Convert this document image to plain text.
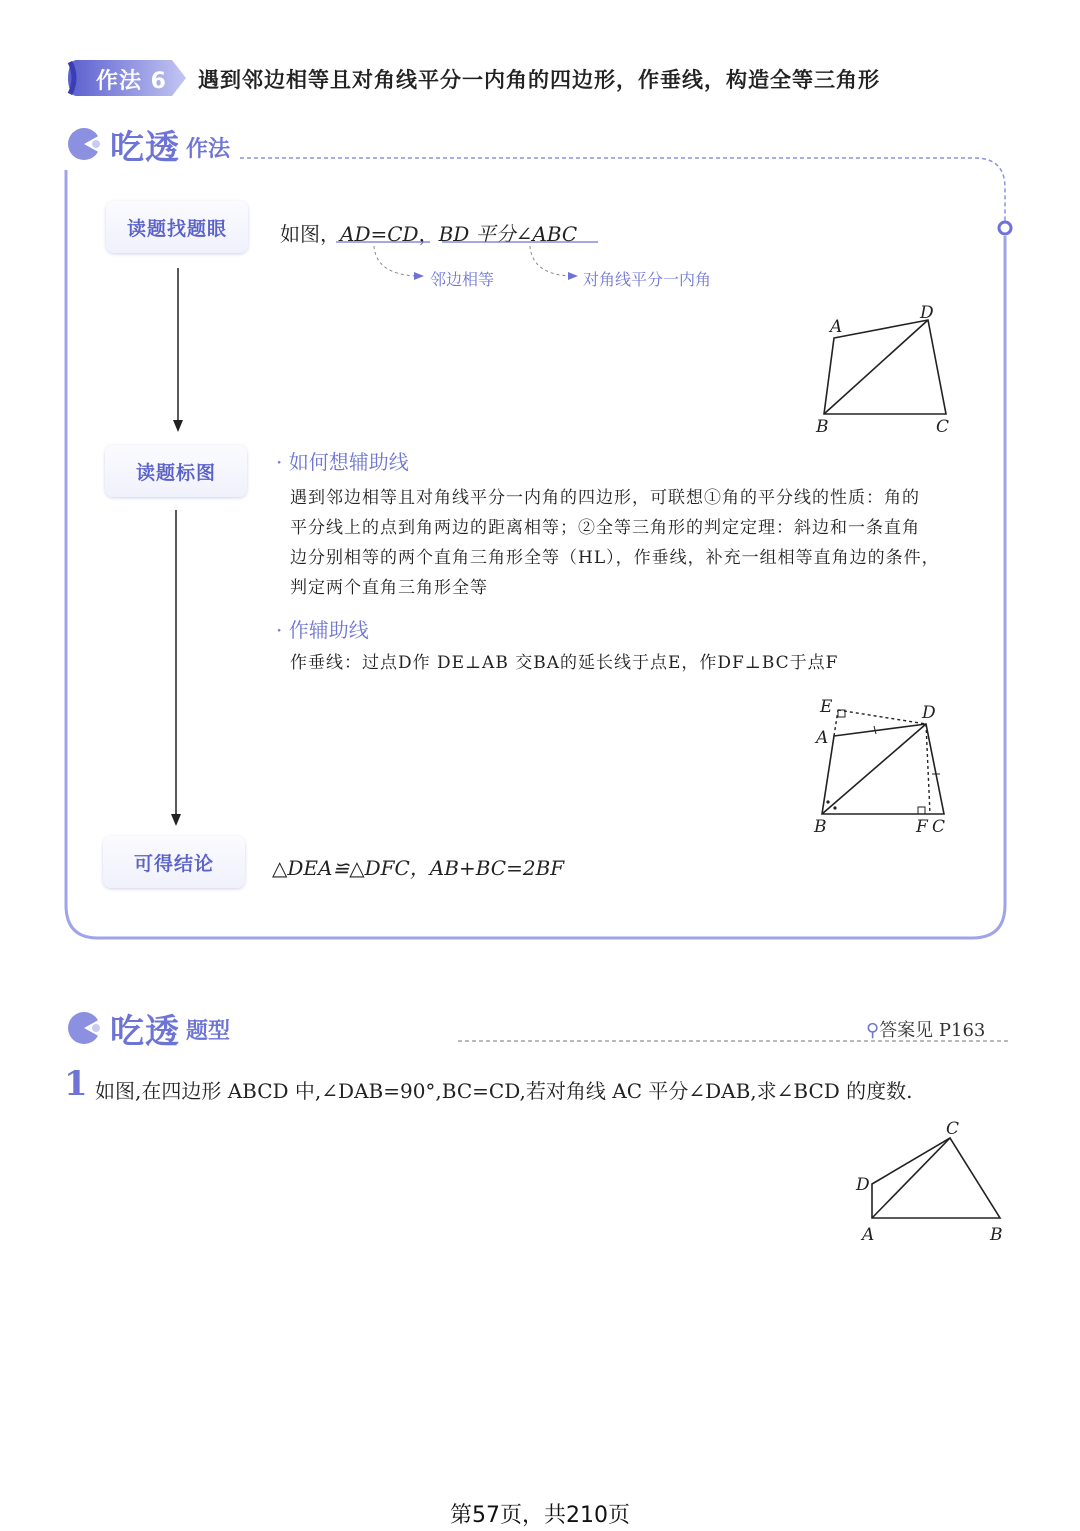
作法 6 遇到邻边相等且对角线平分一内角的四边形，作垂线，构造全等三角形
吃透 作法
读题找题眼
读题标图
可得结论
如图，AD=CD，BD 平分∠ABC
邻边相等	对角线平分一内角
A
D
B	C
· 如何想辅助线
遇到邻边相等且对角线平分一内角的四边形，可联想①角的平分线的性质：角的
平分线上的点到角两边的距离相等；②全等三角形的判定定理：斜边和一条直角
边分别相等的两个直角三角形全等（HL），作垂线，补充一组相等直角边的条件，
判定两个直角三角形全等
· 作辅助线
作垂线：过点D作 DE⊥AB 交BA的延长线于点E，作DF⊥BC于点F
E	D
A
B	F C
△DEA≌△DFC，AB+BC=2BF
吃透 题型	⚲答案见 P163
1 如图,在四边形 ABCD 中,∠DAB=90°,BC=CD,若对角线 AC 平分∠DAB,求∠BCD 的度数.
C
D
A	B
第57页，共210页
